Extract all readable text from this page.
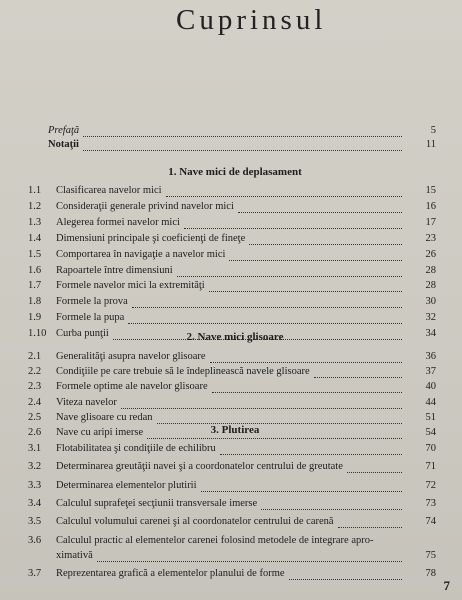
Cuprinsul
Prefaţă	5
Notaţii	11
1. Nave mici de deplasament
1.1	Clasificarea navelor mici	15
1.2	Consideraţii generale privind navelor mici	16
1.3	Alegerea formei navelor mici	17
1.4	Dimensiuni principale şi coeficienţi de fineţe	23
1.5	Comportarea în navigaţie a navelor mici	26
1.6	Rapoartele între dimensiuni	28
1.7	Formele navelor mici la extremităţi	28
1.8	Formele la prova	30
1.9	Formele la pupa	32
1.10 Curba punţii	34
2. Nave mici glisoare
2.1	Generalităţi asupra navelor glisoare	36
2.2	Condiţiile pe care trebuie să le îndeplinească navele glisoare	37
2.3	Formele optime ale navelor glisoare	40
2.4	Viteza navelor	44
2.5	Nave glisoare cu redan	51
2.6	Nave cu aripi imerse	54
3. Plutirea
3.1	Flotabilitatea şi condiţiile de echilibru	70
3.2	Determinarea greutăţii navei şi a coordonatelor centrului de greutate	71
3.3	Determinarea elementelor plutirii	72
3.4	Calculul suprafeţei secţiunii transversale imerse	73
3.5	Calculul volumului carenei şi al coordonatelor centrului de carenă	74
3.6	Calculul practic al elementelor carenei folosind metodele de integrare apro-
ximativă	75
3.7	Reprezentarea grafică a elementelor planului de forme	78
7
